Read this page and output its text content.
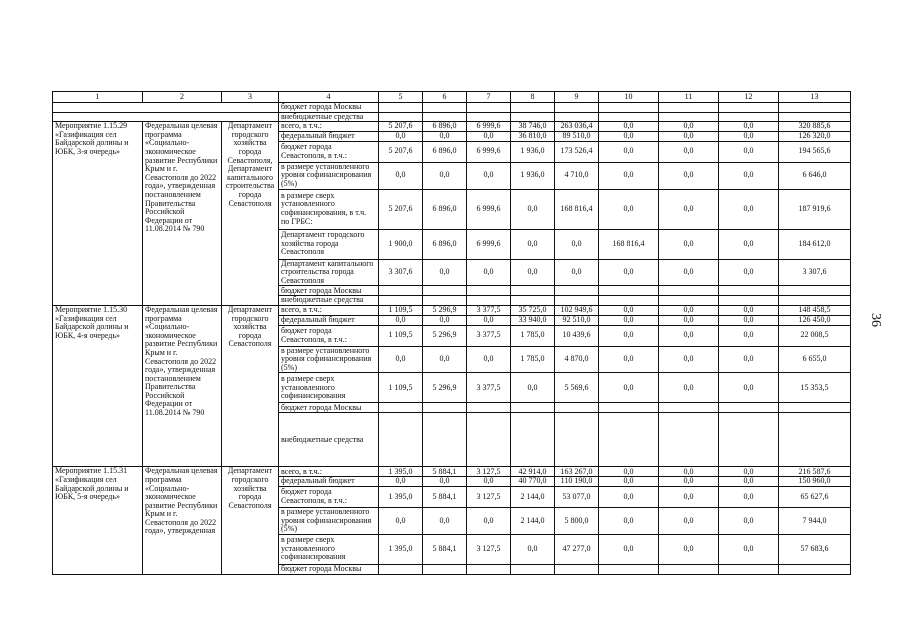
1	2	3	4	5	6	7	8	9	10	11	12	13
			бюджет города Москвы									
			внебюджетные средства									
Мероприятие 1.15.29 «Газификация сел Байдарской долины и ЮБК, 3-я очередь»	Федеральная целевая программа «Социально-экономическое развитие Республики Крым и г. Севастополя до 2022 года», утвержденная постановлением Правительства Российской Федерации от 11.08.2014 № 790	Департамент городского хозяйства города Севастополя, Департамент капитального строительства города Севастополя	всего, в т.ч.:	5 207,6	6 896,0	6 999,6	38 746,0	263 036,4	0,0	0,0	0,0	320 885,6
			федеральный бюджет	0,0	0,0	0,0	36 810,0	89 510,0	0,0	0,0	0,0	126 320,0
			бюджет города Севастополя, в т.ч.:	5 207,6	6 896,0	6 999,6	1 936,0	173 526,4	0,0	0,0	0,0	194 565,6
			в размере установленного уровня софинансирования (5%)	0,0	0,0	0,0	1 936,0	4 710,0	0,0	0,0	0,0	6 646,0
			в размере сверх установленного софинансирования, в т.ч. по ГРБС:	5 207,6	6 896,0	6 999,6	0,0	168 816,4	0,0	0,0	0,0	187 919,6
			Департамент городского хозяйства города Севастополя	1 900,0	6 896,0	6 999,6	0,0	0,0	168 816,4	0,0	0,0	184 612,0
			Департамент капитального строительства города Севастополя	3 307,6	0,0	0,0	0,0	0,0	0,0	0,0	0,0	3 307,6
			бюджет города Москвы									
			внебюджетные средства									
Мероприятие 1.15.30 «Газификация сел Байдарской долины и ЮБК, 4-я очередь»	Федеральная целевая программа «Социально-экономическое развитие Республики Крым и г. Севастополя до 2022 года», утвержденная постановлением Правительства Российской Федерации от 11.08.2014 № 790	Департамент городского хозяйства города Севастополя	всего, в т.ч.:	1 109,5	5 296,9	3 377,5	35 725,0	102 949,6	0,0	0,0	0,0	148 458,5
			федеральный бюджет	0,0	0,0	0,0	33 940,0	92 510,0	0,0	0,0	0,0	126 450,0
			бюджет города Севастополя, в т.ч.:	1 109,5	5 296,9	3 377,5	1 785,0	10 439,6	0,0	0,0	0,0	22 008,5
			в размере установленного уровня софинансирования (5%)	0,0	0,0	0,0	1 785,0	4 870,0	0,0	0,0	0,0	6 655,0
			в размере сверх установленного софинансирования	1 109,5	5 296,9	3 377,5	0,0	5 569,6	0,0	0,0	0,0	15 353,5
			бюджет города Москвы									
			внебюджетные средства									
Мероприятие 1.15.31 «Газификация сел Байдарской долины и ЮБК, 5-я очередь»	Федеральная целевая программа «Социально-экономическое развитие Республики Крым и г. Севастополя до 2022 года», утвержденная	Департамент городского хозяйства города Севастополя	всего, в т.ч.:	1 395,0	5 884,1	3 127,5	42 914,0	163 267,0	0,0	0,0	0,0	216 587,6
			федеральный бюджет	0,0	0,0	0,0	40 770,0	110 190,0	0,0	0,0	0,0	150 960,0
			бюджет города Севастополя, в т.ч.:	1 395,0	5 884,1	3 127,5	2 144,0	53 077,0	0,0	0,0	0,0	65 627,6
			в размере установленного уровня софинансирования (5%)	0,0	0,0	0,0	2 144,0	5 800,0	0,0	0,0	0,0	7 944,0
			в размере сверх установленного софинансирования	1 395,0	5 884,1	3 127,5	0,0	47 277,0	0,0	0,0	0,0	57 683,6
			бюджет города Москвы									
36
